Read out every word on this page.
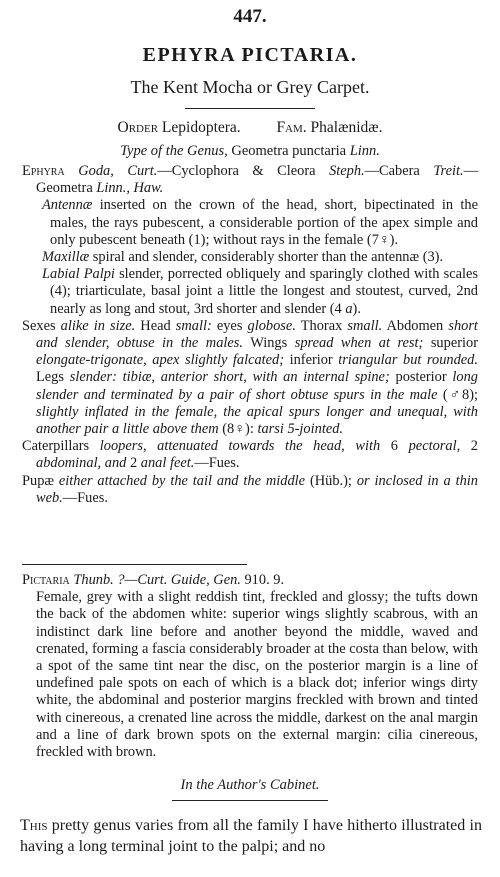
447.
EPHYRA PICTARIA.
The Kent Mocha or Grey Carpet.
Order Lepidoptera. Fam. Phalænidæ.
Type of the Genus, Geometra punctaria Linn.

Ephyra Goda, Curt.—Cyclophora & Cleora Steph.—Cabera Treit.— Geometra Linn., Haw.

Antennæ inserted on the crown of the head, short, bipectinated in the males, the rays pubescent, a considerable portion of the apex simple and only pubescent beneath (1); without rays in the female (7♀).

Maxillæ spiral and slender, considerably shorter than the antennæ (3).

Labial Palpi slender, porrected obliquely and sparingly clothed with scales (4); triarticulate, basal joint a little the longest and stoutest, curved, 2nd nearly as long and stout, 3rd shorter and slender (4 a).

Sexes alike in size. Head small: eyes globose. Thorax small. Abdomen short and slender, obtuse in the males. Wings spread when at rest; superior elongate-trigonate, apex slightly falcated; inferior triangular but rounded. Legs slender: tibiæ, anterior short, with an internal spine; posterior long slender and terminated by a pair of short obtuse spurs in the male (♂8); slightly inflated in the female, the apical spurs longer and unequal, with another pair a little above them (8♀): tarsi 5-jointed.

Caterpillars loopers, attenuated towards the head, with 6 pectoral, 2 abdominal, and 2 anal feet.—Fues.

Pupæ either attached by the tail and the middle (Hüb.); or inclosed in a thin web.—Fues.

Pictaria Thunb. ?—Curt. Guide, Gen. 910. 9.

Female, grey with a slight reddish tint, freckled and glossy; the tufts down the back of the abdomen white: superior wings slightly scabrous, with an indistinct dark line before and another beyond the middle, waved and crenated, forming a fascia considerably broader at the costa than below, with a spot of the same tint near the disc, on the posterior margin is a line of undefined pale spots on each of which is a black dot; inferior wings dirty white, the abdominal and posterior margins freckled with brown and tinted with cinereous, a crenated line across the middle, darkest on the anal margin and a line of dark brown spots on the external margin: cilia cinereous, freckled with brown.

In the Author's Cabinet.
This pretty genus varies from all the family I have hitherto illustrated in having a long terminal joint to the palpi; and no
